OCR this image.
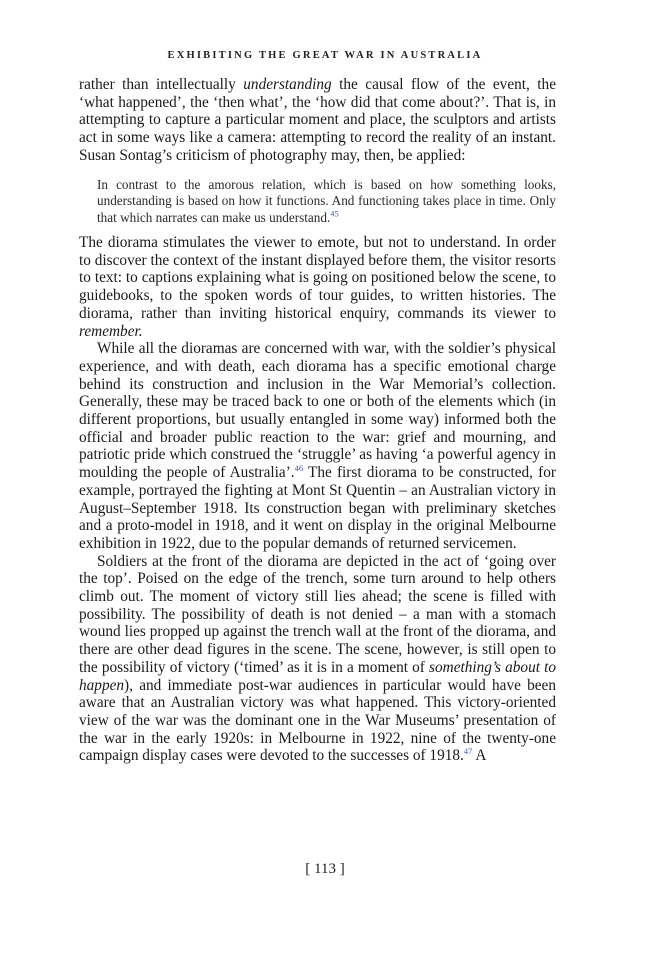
EXHIBITING THE GREAT WAR IN AUSTRALIA

rather than intellectually understanding the causal flow of the event, the ‘what happened’, the ‘then what’, the ‘how did that come about?’. That is, in attempting to capture a particular moment and place, the sculptors and artists act in some ways like a camera: attempting to record the reality of an instant. Susan Sontag’s criticism of photography may, then, be applied:

In contrast to the amorous relation, which is based on how something looks, understanding is based on how it functions. And functioning takes place in time. Only that which narrates can make us understand.$^{45}$

The diorama stimulates the viewer to emote, but not to understand. In order to discover the context of the instant displayed before them, the visitor resorts to text: to captions explaining what is going on positioned below the scene, to guidebooks, to the spoken words of tour guides, to written histories. The diorama, rather than inviting historical enquiry, commands its viewer to remember.

While all the dioramas are concerned with war, with the soldier’s physical experience, and with death, each diorama has a specific emotional charge behind its construction and inclusion in the War Memorial’s collection. Generally, these may be traced back to one or both of the elements which (in different proportions, but usually entangled in some way) informed both the official and broader public reaction to the war: grief and mourning, and patriotic pride which construed the ‘struggle’ as having ‘a powerful agency in moulding the people of Australia’.$^{46}$ The first diorama to be constructed, for example, portrayed the fighting at Mont St Quentin – an Australian victory in August–September 1918. Its construction began with preliminary sketches and a proto-model in 1918, and it went on display in the original Melbourne exhibition in 1922, due to the popular demands of returned servicemen.

Soldiers at the front of the diorama are depicted in the act of ‘going over the top’. Poised on the edge of the trench, some turn around to help others climb out. The moment of victory still lies ahead; the scene is filled with possibility. The possibility of death is not denied – a man with a stomach wound lies propped up against the trench wall at the front of the diorama, and there are other dead figures in the scene. The scene, however, is still open to the possibility of victory (‘timed’ as it is in a moment of something’s about to happen), and immediate post-war audiences in particular would have been aware that an Australian victory was what happened. This victory-oriented view of the war was the dominant one in the War Museums’ presentation of the war in the early 1920s: in Melbourne in 1922, nine of the twenty-one campaign display cases were devoted to the successes of 1918.47 A

[ 113 ]
